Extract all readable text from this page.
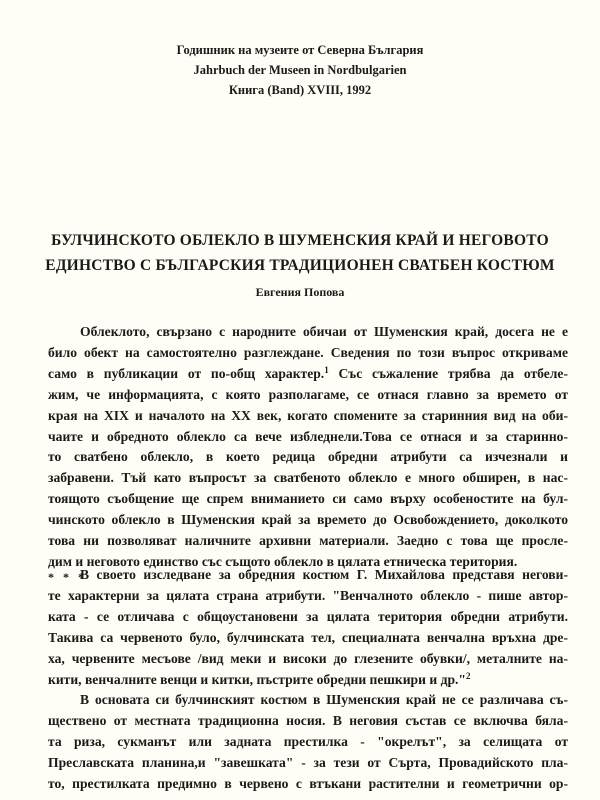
Годишник на музеите от Северна България
Jahrbuch der Museen in Nordbulgarien
Книга (Band) XVIII, 1992
БУЛЧИНСКОТО ОБЛЕКЛО В ШУМЕНСКИЯ КРАЙ И НЕГОВОТО
ЕДИНСТВО С БЪЛГАРСКИЯ ТРАДИЦИОНЕН СВАТБЕН КОСТЮМ
Евгения Попова
Облеклото, свързано с народните обичаи от Шуменския край, досега не е
било обект на самостоятелно разглеждане. Сведения по този въпрос откриваме
само в публикации от по-общ характер.$^1$ Със съжаление трябва да отбеле-
жим, че информацията, с която разполагаме, се отнася главно за времето от
края на XIX и началото на XX век, когато спомените за старинния вид на оби-
чаите и обредното облекло са вече избледнели.Това се отнася и за старинно-
то сватбено облекло, в което редица обредни атрибути са изчезнали и
забравени. Тъй като въпросът за сватбеното облекло е много обширен, в нас-
тоящото съобщение ще спрем вниманието си само върху особеностите на бул-
чинското облекло в Шуменския край за времето до Освобождението, доколкото
това ни позволяват наличните архивни материали. Заедно с това ще просле-
дим и неговото единство със същото облекло в цялата етническа територия.
* * *
В своето изследване за обредния костюм Г. Михайлова представя негови-
те характерни за цялата страна атрибути. "Венчалното облекло - пише автор-
ката - се отличава с общоустановени за цялата територия обредни атрибути.
Такива са червеното було, булчинската тел, специалната венчална връхна дре-
ха, червените месъове /вид меки и високи до глезените обувки/, металните на-
кити, венчалните венци и китки, пъстрите обредни пешкири и др."$^2$
В основата си булчинският костюм в Шуменския край не се различава съ-
ществено от местната традиционна носия. В неговия състав се включва бяла-
та риза, сукманът или задната престилка - "окрелът", за селищата от
Преславската планина,и "завешката" - за тези от Сърта, Провадийското пла-
то, престилката предимно в червено с втъкани растителни и геометрични ор-
